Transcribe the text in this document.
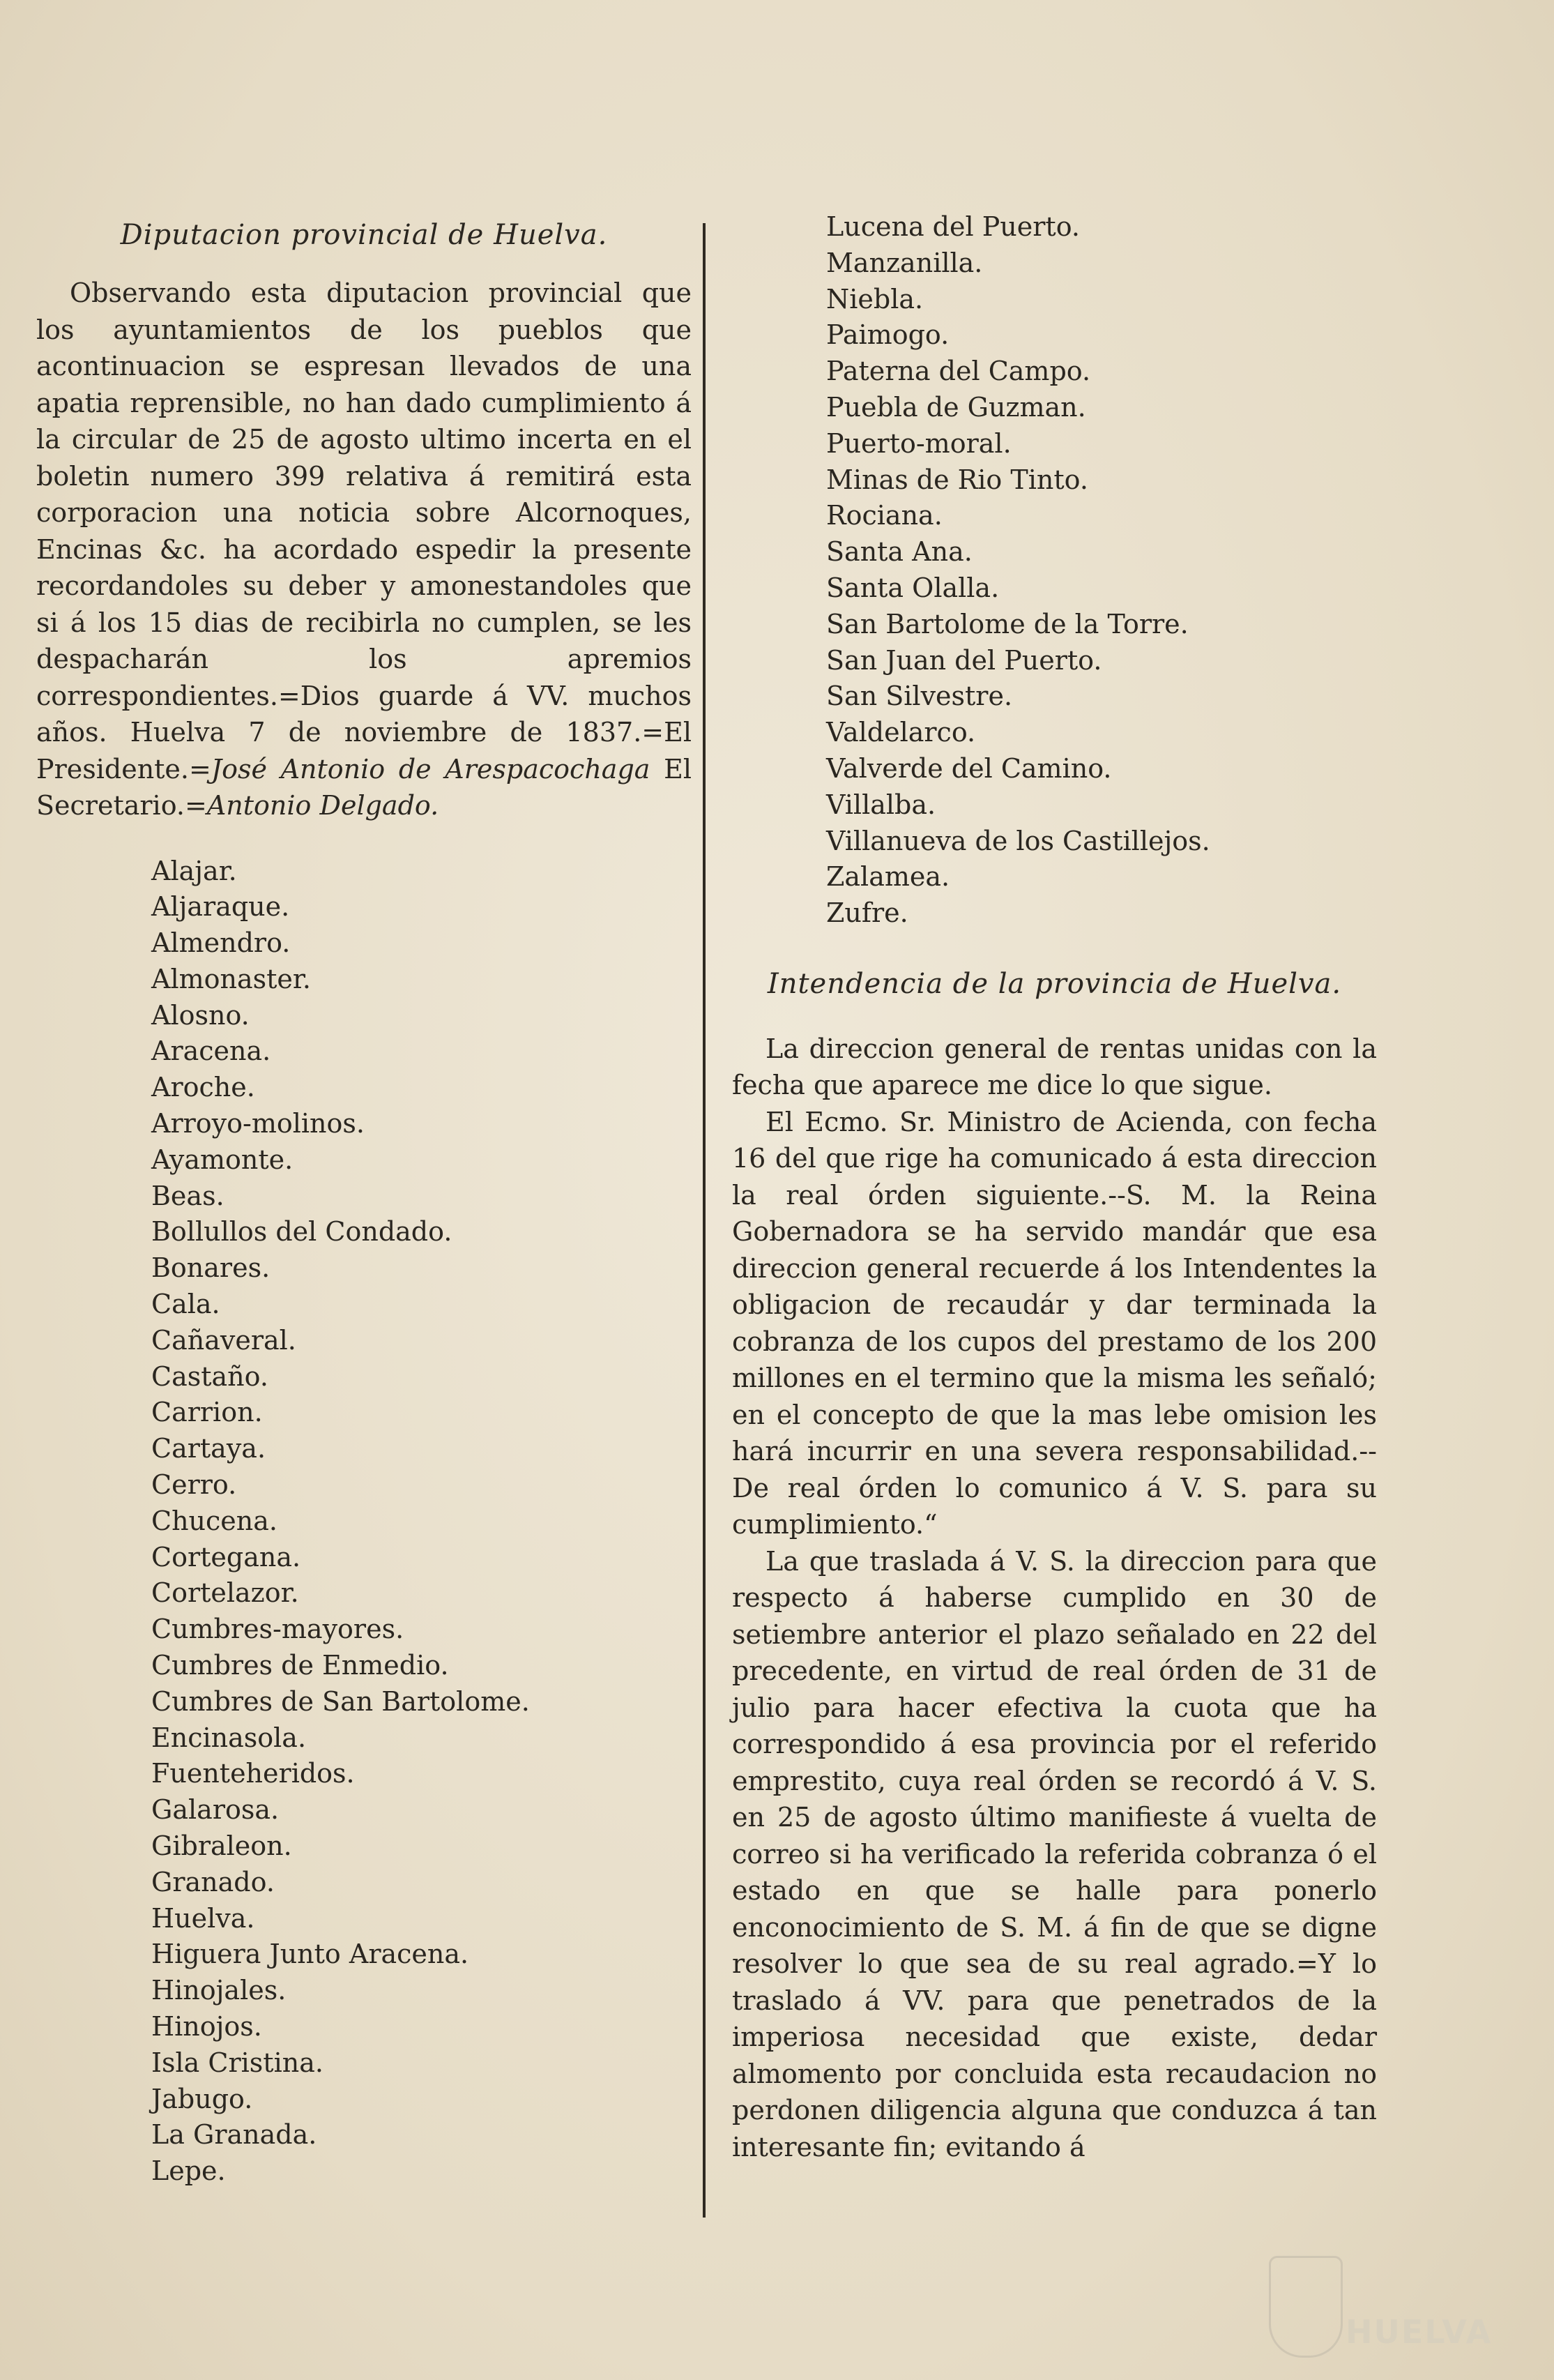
Diputacion provincial de Huelva.

Observando esta diputacion provincial que los ayuntamientos de los pueblos que acontinuacion se espresan llevados de una apatia reprensible, no han dado cumplimiento á la circular de 25 de agosto ultimo incerta en el boletin numero 399 relativa á remitirá esta corporacion una noticia sobre Alcornoques, Encinas &c. ha acordado espedir la presente recordandoles su deber y amonestandoles que si á los 15 dias de recibirla no cumplen, se les despacharán los apremios correspondientes.=Dios guarde á VV. muchos años. Huelva 7 de noviembre de 1837.=El Presidente.=José Antonio de Arespacochaga El Secretario.=Antonio Delgado.

Alajar.
Aljaraque.
Almendro.
Almonaster.
Alosno.
Aracena.
Aroche.
Arroyo-molinos.
Ayamonte.
Beas.
Bollullos del Condado.
Bonares.
Cala.
Cañaveral.
Castaño.
Carrion.
Cartaya.
Cerro.
Chucena.
Cortegana.
Cortelazor.
Cumbres-mayores.
Cumbres de Enmedio.
Cumbres de San Bartolome.
Encinasola.
Fuenteheridos.
Galarosa.
Gibraleon.
Granado.
Huelva.
Higuera Junto Aracena.
Hinojales.
Hinojos.
Isla Cristina.
Jabugo.
La Granada.
Lepe.
Lucena del Puerto.
Manzanilla.
Niebla.
Paimogo.
Paterna del Campo.
Puebla de Guzman.
Puerto-moral.
Minas de Rio Tinto.
Rociana.
Santa Ana.
Santa Olalla.
San Bartolome de la Torre.
San Juan del Puerto.
San Silvestre.
Valdelarco.
Valverde del Camino.
Villalba.
Villanueva de los Castillejos.
Zalamea.
Zufre.
Intendencia de la provincia de Huelva.

La direccion general de rentas unidas con la fecha que aparece me dice lo que sigue.

El Ecmo. Sr. Ministro de Acienda, con fecha 16 del que rige ha comunicado á esta direccion la real órden siguiente.--S. M. la Reina Gobernadora se ha servido mandár que esa direccion general recuerde á los Intendentes la obligacion de recaudár y dar terminada la cobranza de los cupos del prestamo de los 200 millones en el termino que la misma les señaló; en el concepto de que la mas lebe omision les hará incurrir en una severa responsabilidad.--De real órden lo comunico á V. S. para su cumplimiento.“

La que traslada á V. S. la direccion para que respecto á haberse cumplido en 30 de setiembre anterior el plazo señalado en 22 del precedente, en virtud de real órden de 31 de julio para hacer efectiva la cuota que ha correspondido á esa provincia por el referido emprestito, cuya real órden se recordó á V. S. en 25 de agosto último manifieste á vuelta de correo si ha verificado la referida cobranza ó el estado en que se halle para ponerlo enconocimiento de S. M. á fin de que se digne resolver lo que sea de su real agrado.=Y lo traslado á VV. para que penetrados de la imperiosa necesidad que existe, dedar almomento por concluida esta recaudacion no perdonen diligencia alguna que conduzca á tan interesante fin; evitando á

HUELVA
